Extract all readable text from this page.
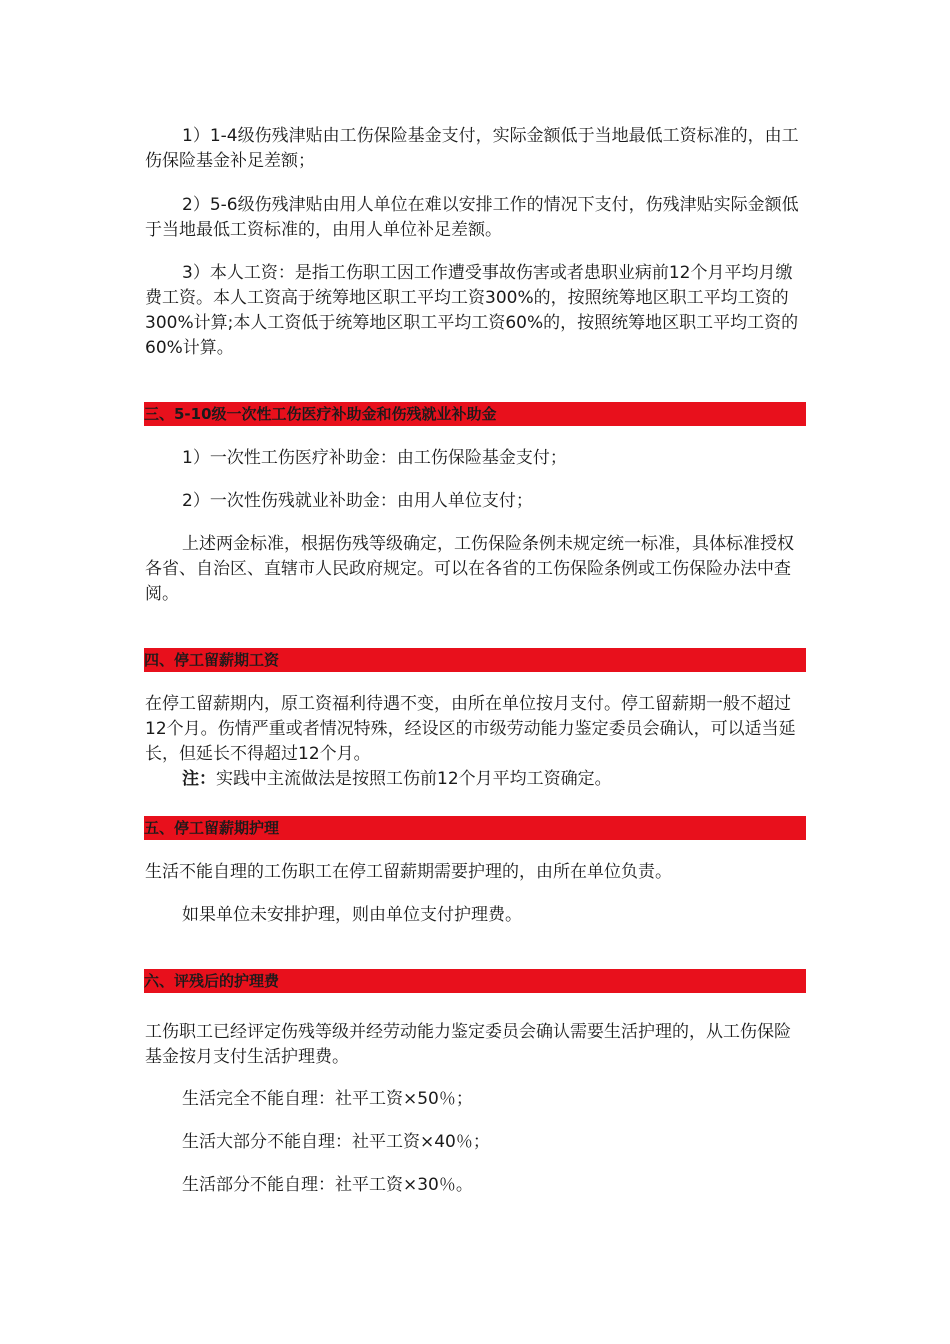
1）1-4级伤残津贴由工伤保险基金支付，实际金额低于当地最低工资标准的，由工伤保险基金补足差额；

2）5-6级伤残津贴由用人单位在难以安排工作的情况下支付，伤残津贴实际金额低于当地最低工资标准的，由用人单位补足差额。

3）本人工资：是指工伤职工因工作遭受事故伤害或者患职业病前12个月平均月缴费工资。本人工资高于统筹地区职工平均工资300%的，按照统筹地区职工平均工资的300%计算;本人工资低于统筹地区职工平均工资60%的，按照统筹地区职工平均工资的60%计算。

三、5-10级一次性工伤医疗补助金和伤残就业补助金

1）一次性工伤医疗补助金：由工伤保险基金支付；

2）一次性伤残就业补助金：由用人单位支付；

上述两金标准，根据伤残等级确定，工伤保险条例未规定统一标准，具体标准授权各省、自治区、直辖市人民政府规定。可以在各省的工伤保险条例或工伤保险办法中查阅。

四、停工留薪期工资

在停工留薪期内，原工资福利待遇不变，由所在单位按月支付。停工留薪期一般不超过12个月。伤情严重或者情况特殊，经设区的市级劳动能力鉴定委员会确认，可以适当延长，但延长不得超过12个月。

注：实践中主流做法是按照工伤前12个月平均工资确定。

五、停工留薪期护理

生活不能自理的工伤职工在停工留薪期需要护理的，由所在单位负责。

如果单位未安排护理，则由单位支付护理费。

六、评残后的护理费

工伤职工已经评定伤残等级并经劳动能力鉴定委员会确认需要生活护理的，从工伤保险基金按月支付生活护理费。

生活完全不能自理：社平工资×50％；

生活大部分不能自理：社平工资×40％；

生活部分不能自理：社平工资×30％。
